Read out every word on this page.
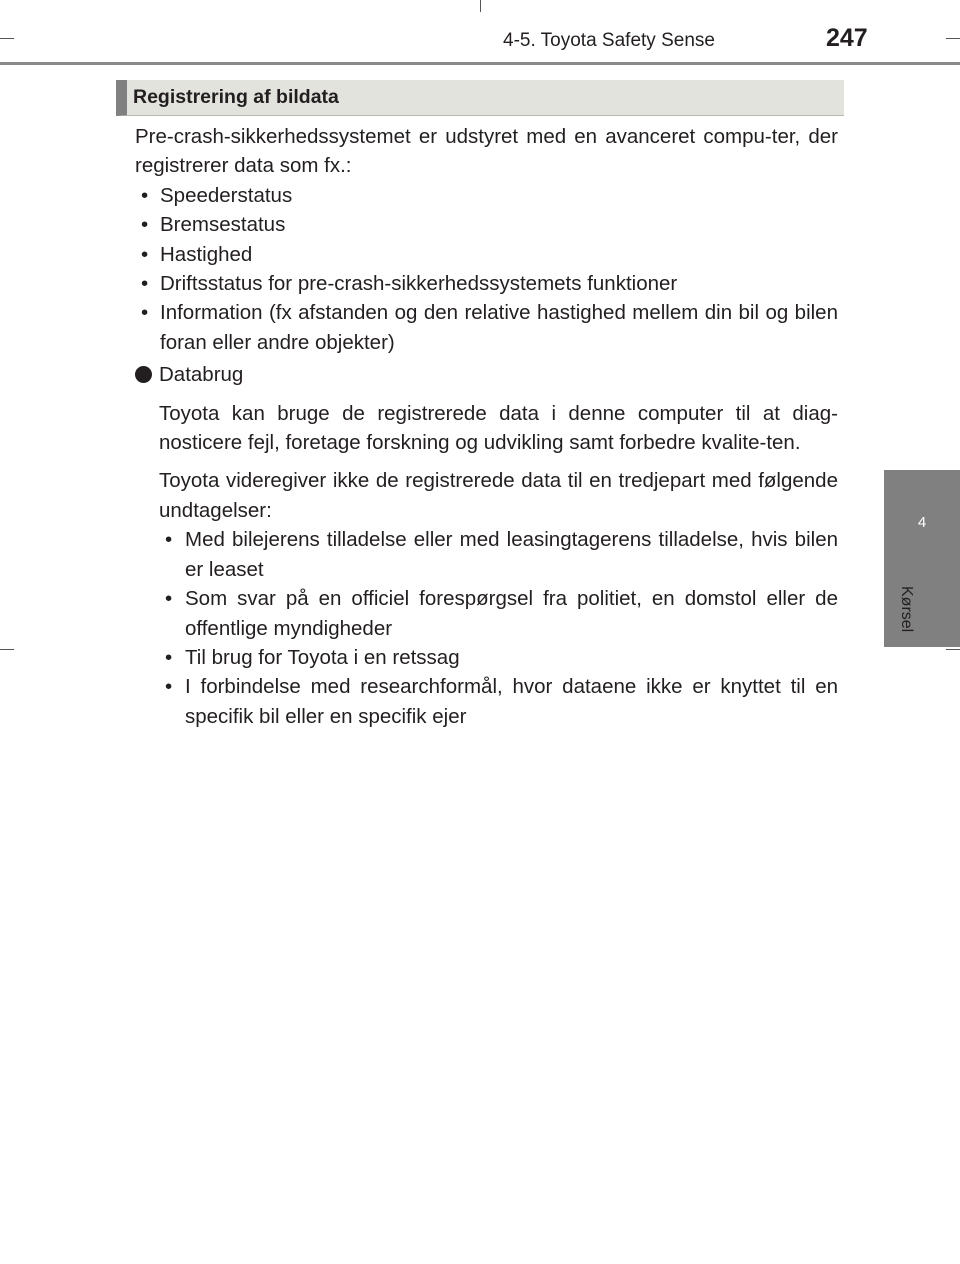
4-5. Toyota Safety Sense	247
4
Kørsel
Registrering af bildata

Pre-crash-sikkerhedssystemet er udstyret med en avanceret compu-ter, der registrerer data som fx.:

• Speederstatus
• Bremsestatus
• Hastighed
• Driftsstatus for pre-crash-sikkerhedssystemets funktioner
• Information (fx afstanden og den relative hastighed mellem din bil og bilen foran eller andre objekter)
Databrug

Toyota kan bruge de registrerede data i denne computer til at diag-nosticere fejl, foretage forskning og udvikling samt forbedre kvalite-ten.

Toyota videregiver ikke de registrerede data til en tredjepart med følgende undtagelser:

• Med bilejerens tilladelse eller med leasingtagerens tilladelse, hvis bilen er leaset
• Som svar på en officiel forespørgsel fra politiet, en domstol eller de offentlige myndigheder
• Til brug for Toyota i en retssag
• I forbindelse med researchformål, hvor dataene ikke er knyttet til en specifik bil eller en specifik ejer
